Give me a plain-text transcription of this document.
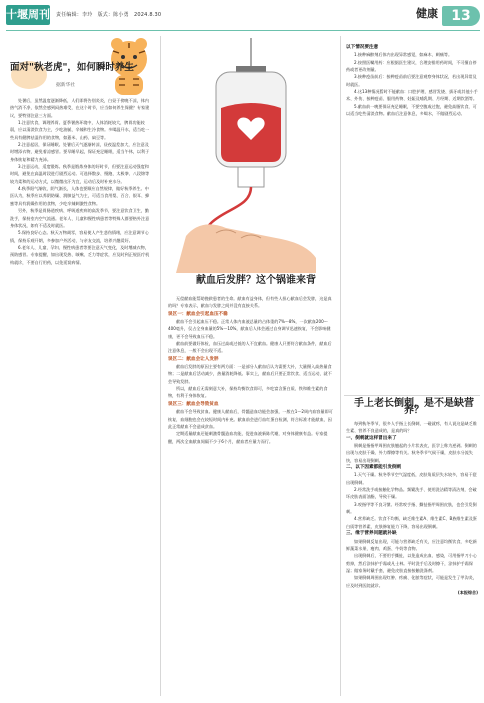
十堰周刊 责任编辑：李玲　版式：陈小勇　2024.8.30	健康 13
面对"秋老虎"，如何瞬时养生
据新华社

处暑后，虽然温度逐渐降低，人们即将告别炎炎，白昼于傍晚不凉，体内热气消不净，依然会感到闷热难受，在这个时节，应当如何养生保健？专家建议，要特别注意三方面。

1.注意饮食，调理养胃。夏季暑热环境中，人体消耗较大，脾胃功能较弱，应以清淡饮食为主，少吃油腻、辛辣和生冷食物。多喝温开水，适当吃一些具有健脾祛湿作用的食物，如薏米、山药、扁豆等。

2.注意起居，保证睡眠。处暑后天气逐渐转凉，昼夜温差加大，应注意及时增添衣物，避免着凉感冒。要早睡早起，保证充足睡眠，适当午休，以利于身体恢复和精力充沛。

3.注意运动，适度锻炼。秋季是锻炼身体的好时节，但要注意运动强度和时间，避免在高温时段进行剧烈运动。可选择散步、慢跑、太极拳、八段锦等较为柔和的运动方式，以微微出汗为宜，运动后及时补充水分。

4.秋季阳气渐收，阴气渐长，人体也要顺应自然规律，做好秋季养生。中医认为，秋季应以养阴防燥、润肺益气为主，可适当食用梨、百合、银耳、蜂蜜等具有润燥作用的食物，少吃辛辣刺激性食物。

另外，秋季是胃肠道疾病、呼吸道疾病的高发季节，要注意饮食卫生，勤洗手，保持室内空气流通。老年人、儿童和慢性病患者等特殊人群要格外注意身体状况，如有不适及时就医。

5.保持良好心态。秋天万物凋零，容易使人产生悲伤情绪，应注意调节心情，保持乐观开朗，多参加户外活动，与亲友交流，培养兴趣爱好。

6.老年人、儿童、孕妇、慢性病患者等要注意天气变化，及时增减衣物，预防感冒。专家提醒，如出现发热、咳嗽、乏力等症状，应及时到正规医疗机构就诊，不要自行用药，以免延误病情。

献血后发胖？这个锅谁来背

无偿献血能帮助挽救患者的生命。献血有益身体，但有些人担心献血后会发胖，这是真的吗？专家表示，献血与发胖之间并没有直接关系。

误区一：献血会引起血压不稳

献血不会引起血压不稳。正常人体内血液总量约占体重的7%～8%，一次献血200～400毫升，仅占全身血量的5%～10%，献血后人体会通过自身调节迅速恢复，不会影响健康，更不会导致血压不稳。

献血前要做好体检，血压过高或过低的人不宜献血。健康人只要符合献血条件，献血后注意休息，一般不会出现不适。

误区二：献血会让人发胖

献血后发胖的原因主要有两方面：一是部分人献血后认为需要大补，大量摄入高热量食物；二是献血后活动减少，热量消耗降低。事实上，献血后只要正常饮食、适当运动，就不会导致发胖。

所以，献血后无需刻意大补，保持均衡饮食即可，多吃富含蛋白质、铁和维生素的食物，有利于身体恢复。

误区三：献血会导致贫血

献血不会导致贫血。健康人献血后，骨髓造血功能会加强，一般在1～2周内血容量即可恢复，血细胞也会在较短时间内补充。献血前会进行血红蛋白检测，符合标准才能献血，因此正常献血不会造成贫血。

定期适量献血还能刺激骨髓造血功能，促进血液新陈代谢，对身体健康有益。专家提醒，两次全血献血间隔不少于6个月，献血者应量力而行。

以下情况要注意

1.接种麻醉剂后体内出现异常感觉，如麻木、刺痛等。

2.按照医嘱用药：应根据医生建议，合理安排用药时间，不可擅自停药或者更改剂量。

3.接种疫苗前后：接种疫苗前后要注意观察身体状况，若出现异常及时就医。

4.这13种情况暂时不能献血：口腔护理、感冒发烧、拔牙或其他小手术、外伤、接种疫苗、服用药物、妊娠及哺乳期、月经期、近期饮酒等。

5.献血前一晚要保证充足睡眠，不要空腹或过饱，避免高脂饮食，可以适当吃些清淡食物。献血后注意休息，多喝水，不做剧烈运动。

手上老长倒刺，是不是缺营养？

每到秋冬季节，很多人手指上长倒刺，一碰就疼，有人说这是缺乏维生素、营养不良造成的，是真的吗？

一、倒刺就这样冒出来了

倒刺是指指甲周围皮肤翘起的小片状表皮，医学上称为逆剥。倒刺的出现与皮肤干燥、外力摩擦等有关。秋冬季节气候干燥，皮肤水分流失快，容易出现倒刺。

二、以下因素都能引发倒刺

1.天气干燥。秋冬季节空气湿度低，皮肤角质层失水较多，容易干裂出现倒刺。

2.经常洗手或接触化学物品。频繁洗手、使用洗洁精等清洁剂，会破坏皮肤表面油脂，导致干燥。

3.咬指甲等不良习惯。经常咬手指、撕扯指甲周围皮肤，也会引发倒刺。

4.营养缺乏。饮食不均衡，缺乏维生素A、维生素C、B族维生素及蛋白质等营养素，皮肤修复能力下降，容易出现倒刺。

三、缘于营养问题就补缺

如果倒刺反复出现，可能与营养缺乏有关，应注意均衡饮食，多吃新鲜蔬菜水果、瘦肉、鸡蛋、牛奶等食物。

出现倒刺后，不要用手撕扯，以免造成出血、感染，可用指甲刀小心剪掉，然后涂抹护手霜或凡士林。平时洗手后及时擦干，涂抹护手霜保湿；做家务时戴手套，避免皮肤直接接触洗涤剂。

如果倒刺周围出现红肿、疼痛、化脓等症状，可能是发生了甲沟炎，应及时到医院就诊。

(本报综合)
